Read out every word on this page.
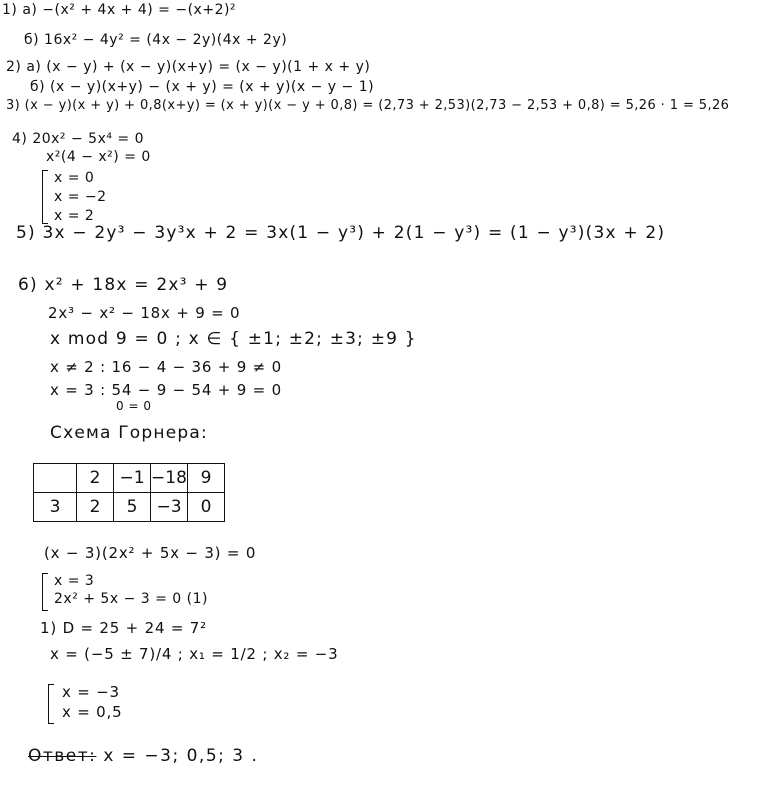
1) а) −(x² + 4x + 4) = −(x+2)²
б) 16x² − 4y² = (4x − 2y)(4x + 2y)
2) а) (x − y) + (x − y)(x+y) = (x − y)(1 + x + y)
б) (x − y)(x+y) − (x + y) = (x + y)(x − y − 1)
3) (x − y)(x + y) + 0,8(x+y) = (x + y)(x − y + 0,8) = (2,73 + 2,53)(2,73 − 2,53 + 0,8) = 5,26 · 1 = 5,26
4) 20x² − 5x⁴ = 0
x²(4 − x²) = 0
x = 0
x = −2
x = 2
5) 3x − 2y³ − 3y³x + 2 = 3x(1 − y³) + 2(1 − y³) = (1 − y³)(3x + 2)
6) x² + 18x = 2x³ + 9
2x³ − x² − 18x + 9 = 0
x mod 9 = 0 ; x ∈ { ±1; ±2; ±3; ±9 }
x ≠ 2 : 16 − 4 − 36 + 9 ≠ 0
x = 3 : 54 − 9 − 54 + 9 = 0
0 = 0
Схема Горнера:
	2	−1	−18	9
3	2	5	−3	0
(x − 3)(2x² + 5x − 3) = 0
x = 3
2x² + 5x − 3 = 0 (1)
1) D = 25 + 24 = 7²
x = (−5 ± 7)/4 ; x₁ = 1/2 ; x₂ = −3
x = −3
x = 0,5
Ответ: x = −3; 0,5; 3 .
